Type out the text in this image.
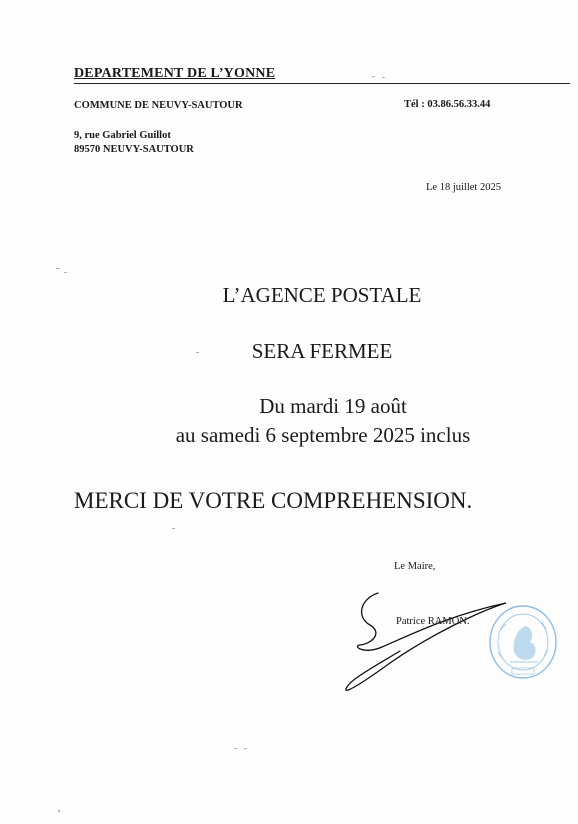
DEPARTEMENT DE L’YONNE
COMMUNE DE NEUVY-SAUTOUR	Tél : 03.86.56.33.44
9, rue Gabriel Guillot
89570 NEUVY-SAUTOUR
Le 18 juillet 2025
L’AGENCE POSTALE
SERA FERMEE
Du mardi 19 août
au samedi 6 septembre 2025 inclus
MERCI DE VOTRE COMPREHENSION.
Le Maire,
Patrice RAMON.
